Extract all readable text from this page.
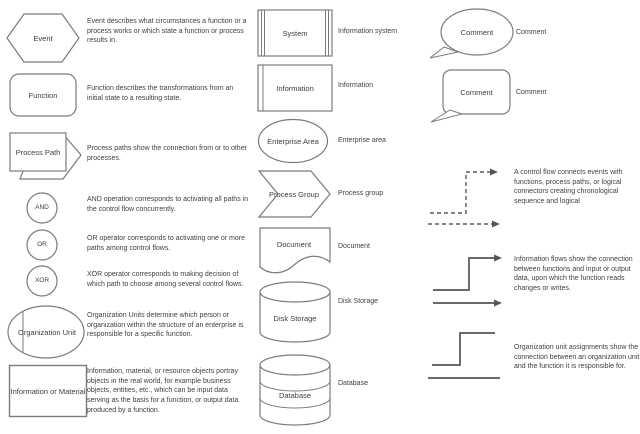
Event
Event describes what circumstances a function or a process works or which state a function or process results in.
Function
Function describes the transformations from an initial state to a resulting state.
Process Path	Process paths show the connection from or to other processes.
AND
AND operation corresponds to activating all paths in the control flow concurrently.
OR
OR operator corresponds to activating one or more paths among control flows.
XOR
XOR operator corresponds to making decision of which path to choose among several control flows.
Organization Unit
Organization Units determine which person or organization within the structure of an enterprise is responsible for a specific function.
Information or Material
Information, material, or resource objects portray objects in the real world, for example business objects, entities, etc., which can be input data serving as the basis for a function, or output data produced by a function.
System	Information system
Information	Information
Enterprise Area	Enterprise area
Process Group	Process group
Document	Document
Disk Storage
Disk Storage
Database
Database
Comment	Comment
Comment	Comment
A control flow connects events with functions, process paths, or logical connectors creating chronological sequence and logical
Information flows show the connection between functions and input or output data, upon which the function reads changes or writes.
Organization unit assignments show the connection between an organization unit and the function it is responsible for.
